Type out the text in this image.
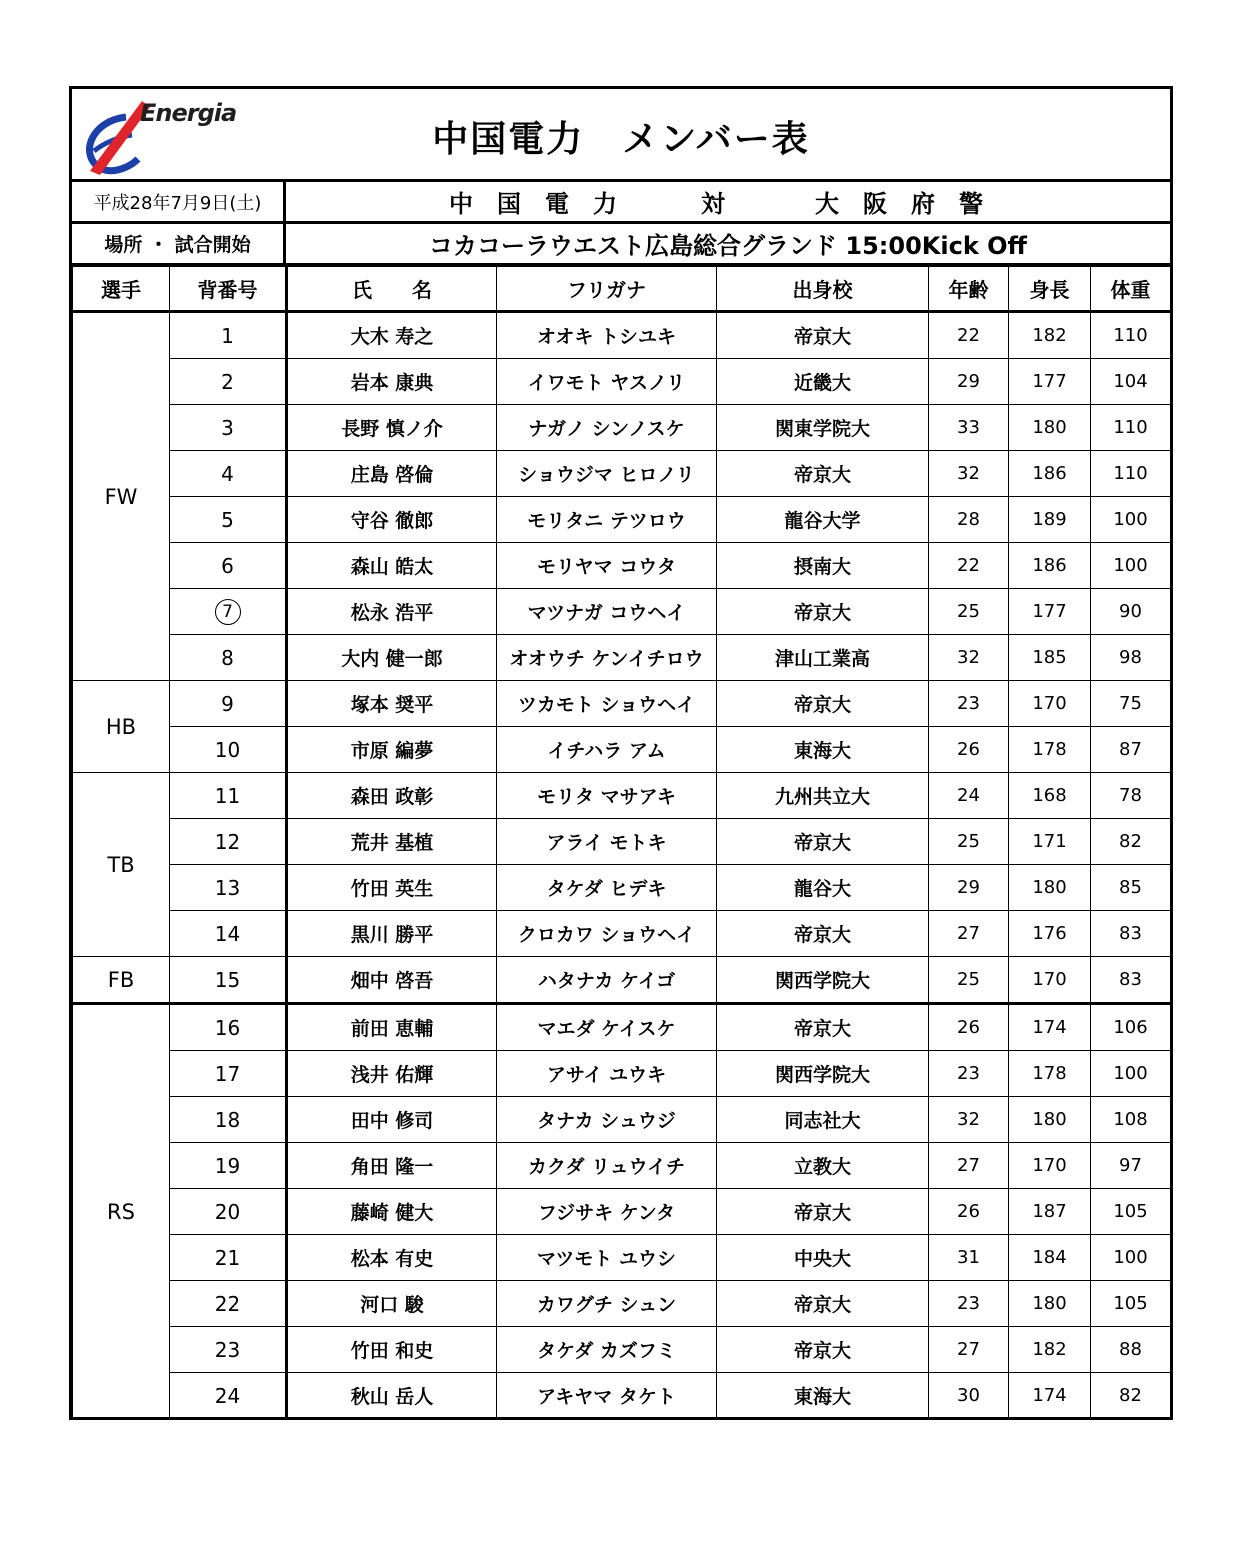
Energia
中国電力　メンバー表
平成28年7月9日(土)	中国電力	対	大阪府警
場所 ・ 試合開始	コカコーラウエスト広島総合グランド 15:00Kick Off
選手	背番号	氏　　名	フリガナ	出身校	年齢	身長	体重
FW	1	大木 寿之	オオキ トシユキ	帝京大	22	182	110
	2	岩本 康典	イワモト ヤスノリ	近畿大	29	177	104
	3	長野 慎ノ介	ナガノ シンノスケ	関東学院大	33	180	110
	4	庄島 啓倫	ショウジマ ヒロノリ	帝京大	32	186	110
	5	守谷 徹郎	モリタニ テツロウ	龍谷大学	28	189	100
	6	森山 皓太	モリヤマ コウタ	摂南大	22	186	100
	7	松永 浩平	マツナガ コウヘイ	帝京大	25	177	90
	8	大内 健一郎	オオウチ ケンイチロウ	津山工業高	32	185	98
HB	9	塚本 奨平	ツカモト ショウヘイ	帝京大	23	170	75
	10	市原 編夢	イチハラ アム	東海大	26	178	87
TB	11	森田 政彰	モリタ マサアキ	九州共立大	24	168	78
	12	荒井 基植	アライ モトキ	帝京大	25	171	82
	13	竹田 英生	タケダ ヒデキ	龍谷大	29	180	85
	14	黒川 勝平	クロカワ ショウヘイ	帝京大	27	176	83
FB	15	畑中 啓吾	ハタナカ ケイゴ	関西学院大	25	170	83
RS	16	前田 恵輔	マエダ ケイスケ	帝京大	26	174	106
	17	浅井 佑輝	アサイ ユウキ	関西学院大	23	178	100
	18	田中 修司	タナカ シュウジ	同志社大	32	180	108
	19	角田 隆一	カクダ リュウイチ	立教大	27	170	97
	20	藤崎 健大	フジサキ ケンタ	帝京大	26	187	105
	21	松本 有史	マツモト ユウシ	中央大	31	184	100
	22	河口 駿	カワグチ シュン	帝京大	23	180	105
	23	竹田 和史	タケダ カズフミ	帝京大	27	182	88
	24	秋山 岳人	アキヤマ タケト	東海大	30	174	82
